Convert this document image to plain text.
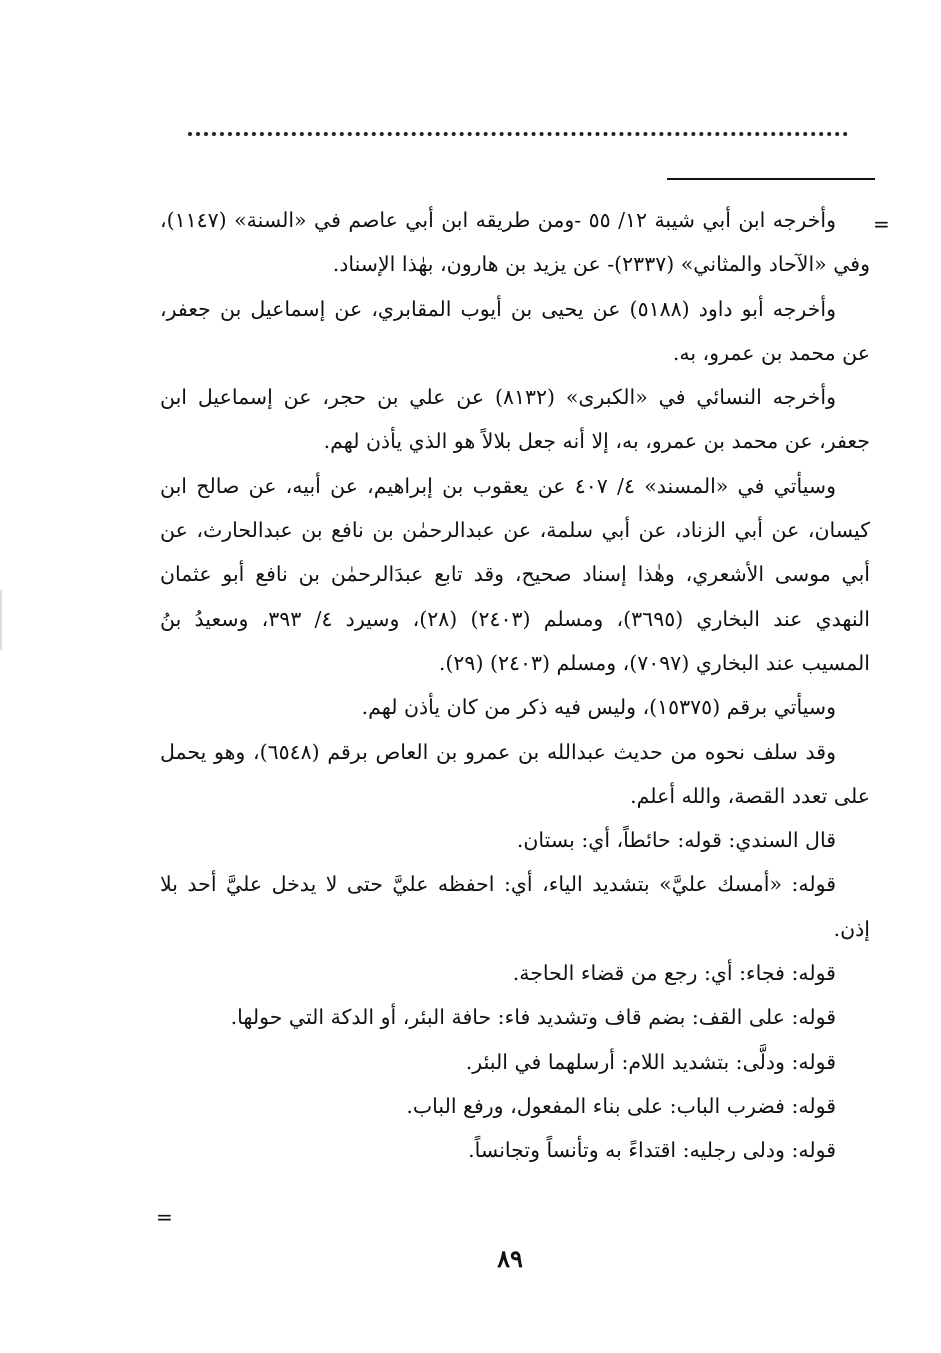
=

وأخرجه ابن أبي شيبة ١٢/ ٥٥ -ومن طريقه ابن أبي عاصم في «السنة» (١١٤٧)، وفي «الآحاد والمثاني» (٢٣٣٧)- عن يزيد بن هارون، بهٰذا الإسناد.

وأخرجه أبو داود (٥١٨٨) عن يحيى بن أيوب المقابري، عن إسماعيل بن جعفر، عن محمد بن عمرو، به.

وأخرجه النسائي في «الكبرى» (٨١٣٢) عن علي بن حجر، عن إسماعيل ابن جعفر، عن محمد بن عمرو، به، إلا أنه جعل بلالاً هو الذي يأذن لهم.

وسيأتي في «المسند» ٤/ ٤٠٧ عن يعقوب بن إبراهيم، عن أبيه، عن صالح ابن كيسان، عن أبي الزناد، عن أبي سلمة، عن عبدالرحمٰن بن نافع بن عبدالحارث، عن أبي موسى الأشعري، وهٰذا إسناد صحيح، وقد تابع عبدَالرحمٰن بن نافع أبو عثمان النهدي عند البخاري (٣٦٩٥)، ومسلم (٢٤٠٣) (٢٨)، وسيرد ٤/ ٣٩٣، وسعيدُ بنُ المسيب عند البخاري (٧٠٩٧)، ومسلم (٢٤٠٣) (٢٩).

وسيأتي برقم (١٥٣٧٥)، وليس فيه ذكر من كان يأذن لهم.

وقد سلف نحوه من حديث عبدالله بن عمرو بن العاص برقم (٦٥٤٨)، وهو يحمل على تعدد القصة، والله أعلم.

قال السندي: قوله: حائطاً، أي: بستان.

قوله: «أمسك عليَّ» بتشديد الياء، أي: احفظه عليَّ حتى لا يدخل عليَّ أحد بلا إذن.

قوله: فجاء: أي: رجع من قضاء الحاجة.

قوله: على القف: بضم قاف وتشديد فاء: حافة البئر، أو الدكة التي حولها.

قوله: ودلَّى: بتشديد اللام: أرسلهما في البئر.

قوله: فضرب الباب: على بناء المفعول، ورفع الباب.

قوله: ودلى رجليه: اقتداءً به وتأنساً وتجانساً.

=
٨٩
